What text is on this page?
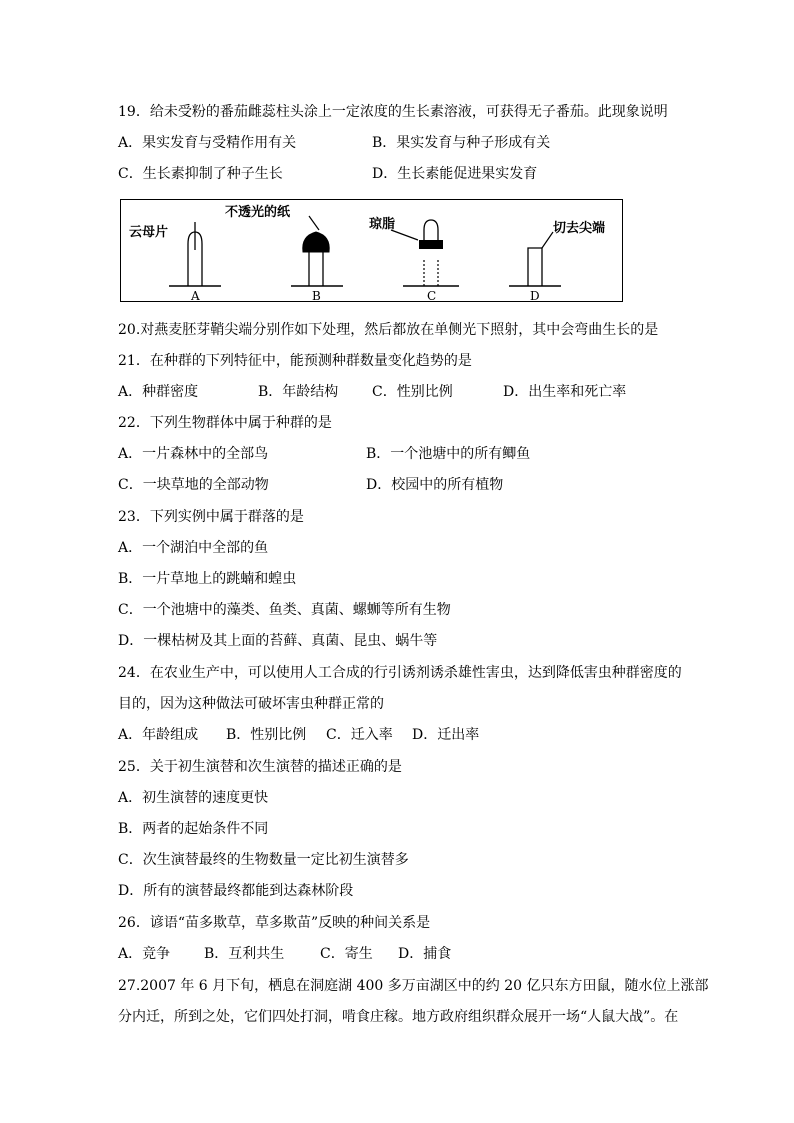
19．给未受粉的番茄雌蕊柱头涂上一定浓度的生长素溶液，可获得无子番茄。此现象说明
A．果实发育与受精作用有关	B．果实发育与种子形成有关
C．生长素抑制了种子生长	D．生长素能促进果实发育
云母片
A
不透光的纸
B
琼脂
C
切去尖端
D
20.对燕麦胚芽鞘尖端分别作如下处理，然后都放在单侧光下照射，其中会弯曲生长的是
21．在种群的下列特征中，能预测种群数量变化趋势的是
A．种群密度	B．年龄结构 C．性别比例	D．出生率和死亡率
22．下列生物群体中属于种群的是
A．一片森林中的全部鸟	B．一个池塘中的所有鲫鱼
C．一块草地的全部动物	D．校园中的所有植物
23．下列实例中属于群落的是
A．一个湖泊中全部的鱼
B．一片草地上的跳蝻和蝗虫
C．一个池塘中的藻类、鱼类、真菌、螺蛳等所有生物
D．一棵枯树及其上面的苔藓、真菌、昆虫、蜗牛等
24．在农业生产中，可以使用人工合成的行引诱剂诱杀雄性害虫，达到降低害虫种群密度的
目的，因为这种做法可破坏害虫种群正常的
A．年龄组成 B．性别比例 C．迁入率 D．迁出率
25．关于初生演替和次生演替的描述正确的是
A．初生演替的速度更快
B．两者的起始条件不同
C．次生演替最终的生物数量一定比初生演替多
D．所有的演替最终都能到达森林阶段
26．谚语“苗多欺草，草多欺苗”反映的种间关系是
A．竞争 B．互利共生	C．寄生 D．捕食
27.2007 年 6 月下旬，栖息在洞庭湖 400 多万亩湖区中的约 20 亿只东方田鼠，随水位上涨部
分内迁，所到之处，它们四处打洞，啃食庄稼。地方政府组织群众展开一场“人鼠大战”。在
